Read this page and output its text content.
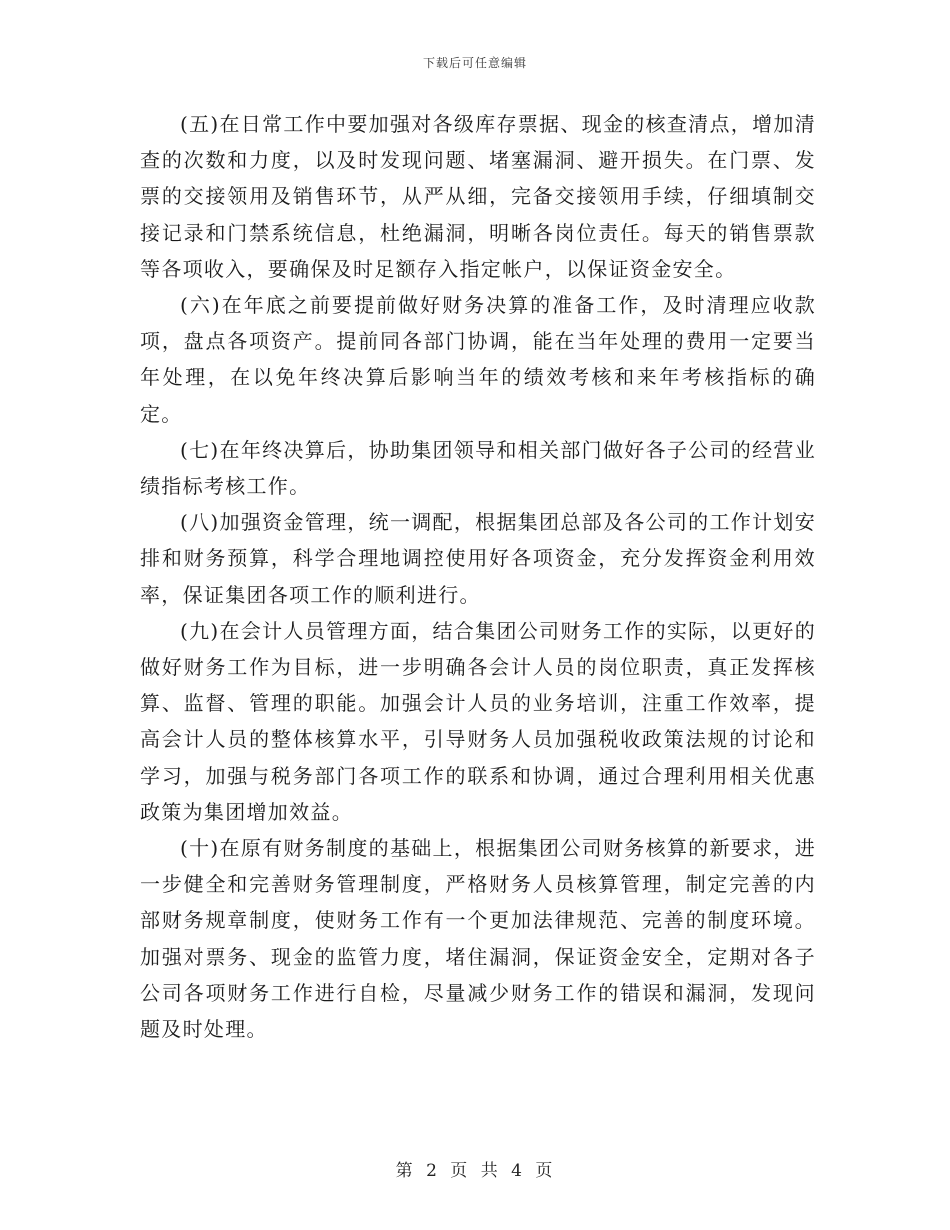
下载后可任意编辑

(五)在日常工作中要加强对各级库存票据、现金的核查清点，增加清查的次数和力度，以及时发现问题、堵塞漏洞、避开损失。在门票、发票的交接领用及销售环节，从严从细，完备交接领用手续，仔细填制交接记录和门禁系统信息，杜绝漏洞，明晰各岗位责任。每天的销售票款等各项收入，要确保及时足额存入指定帐户，以保证资金安全。

(六)在年底之前要提前做好财务决算的准备工作，及时清理应收款项，盘点各项资产。提前同各部门协调，能在当年处理的费用一定要当年处理，在以免年终决算后影响当年的绩效考核和来年考核指标的确定。

(七)在年终决算后，协助集团领导和相关部门做好各子公司的经营业绩指标考核工作。

(八)加强资金管理，统一调配，根据集团总部及各公司的工作计划安排和财务预算，科学合理地调控使用好各项资金，充分发挥资金利用效率，保证集团各项工作的顺利进行。

(九)在会计人员管理方面，结合集团公司财务工作的实际，以更好的做好财务工作为目标，进一步明确各会计人员的岗位职责，真正发挥核算、监督、管理的职能。加强会计人员的业务培训，注重工作效率，提高会计人员的整体核算水平，引导财务人员加强税收政策法规的讨论和学习，加强与税务部门各项工作的联系和协调，通过合理利用相关优惠政策为集团增加效益。

(十)在原有财务制度的基础上，根据集团公司财务核算的新要求，进一步健全和完善财务管理制度，严格财务人员核算管理，制定完善的内部财务规章制度，使财务工作有一个更加法律规范、完善的制度环境。加强对票务、现金的监管力度，堵住漏洞，保证资金安全，定期对各子公司各项财务工作进行自检，尽量减少财务工作的错误和漏洞，发现问题及时处理。

第 2 页 共 4 页
